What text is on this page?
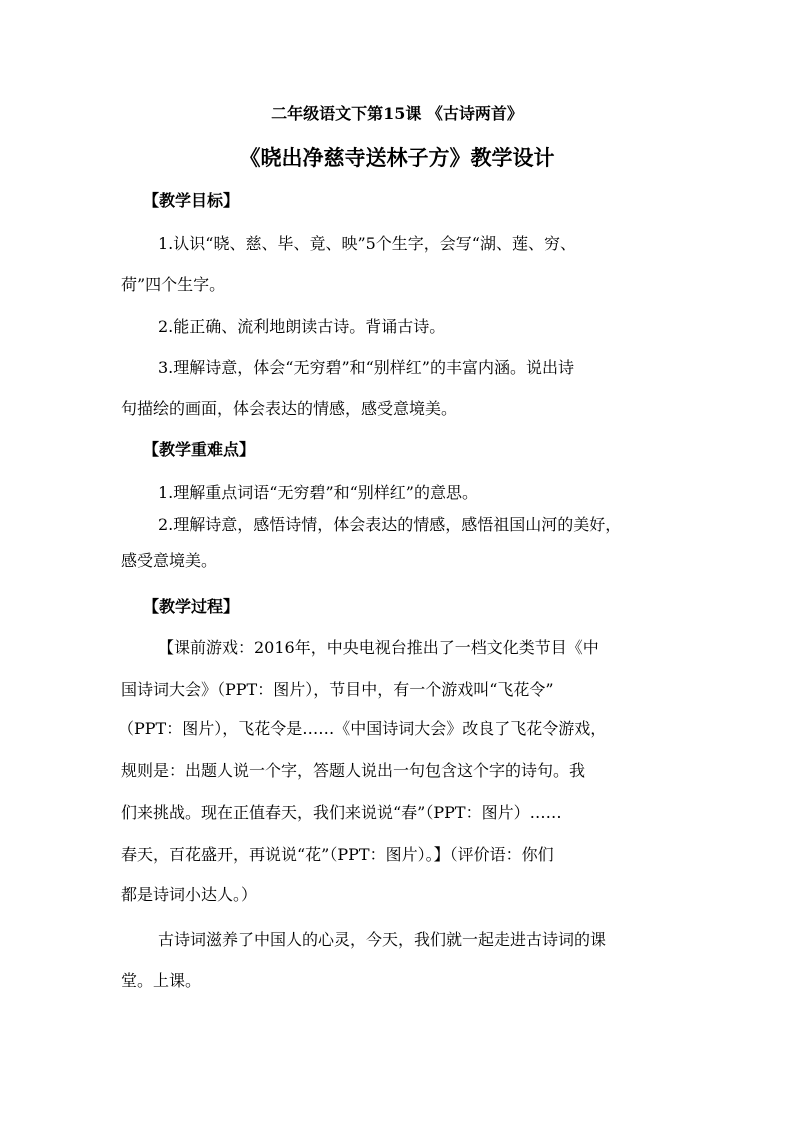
二年级语文下第15课 《古诗两首》
《晓出净慈寺送林子方》教学设计
【教学目标】
1.认识“晓、慈、毕、竟、映”5个生字，会写“湖、莲、穷、
荷”四个生字。
2.能正确、流利地朗读古诗。背诵古诗。
3.理解诗意，体会“无穷碧”和“别样红”的丰富内涵。说出诗
句描绘的画面，体会表达的情感，感受意境美。
【教学重难点】
1.理解重点词语“无穷碧”和“别样红”的意思。
2.理解诗意，感悟诗情，体会表达的情感，感悟祖国山河的美好，
感受意境美。
【教学过程】
【课前游戏：2016年，中央电视台推出了一档文化类节目《中
国诗词大会》（PPT：图片），节目中，有一个游戏叫“飞花令”
（PPT：图片），飞花令是……《中国诗词大会》改良了飞花令游戏，
规则是：出题人说一个字，答题人说出一句包含这个字的诗句。我
们来挑战。现在正值春天，我们来说说“春”（PPT：图片）……
春天，百花盛开，再说说“花”（PPT：图片）。】（评价语：你们
都是诗词小达人。）
古诗词滋养了中国人的心灵，今天，我们就一起走进古诗词的课
堂。上课。
